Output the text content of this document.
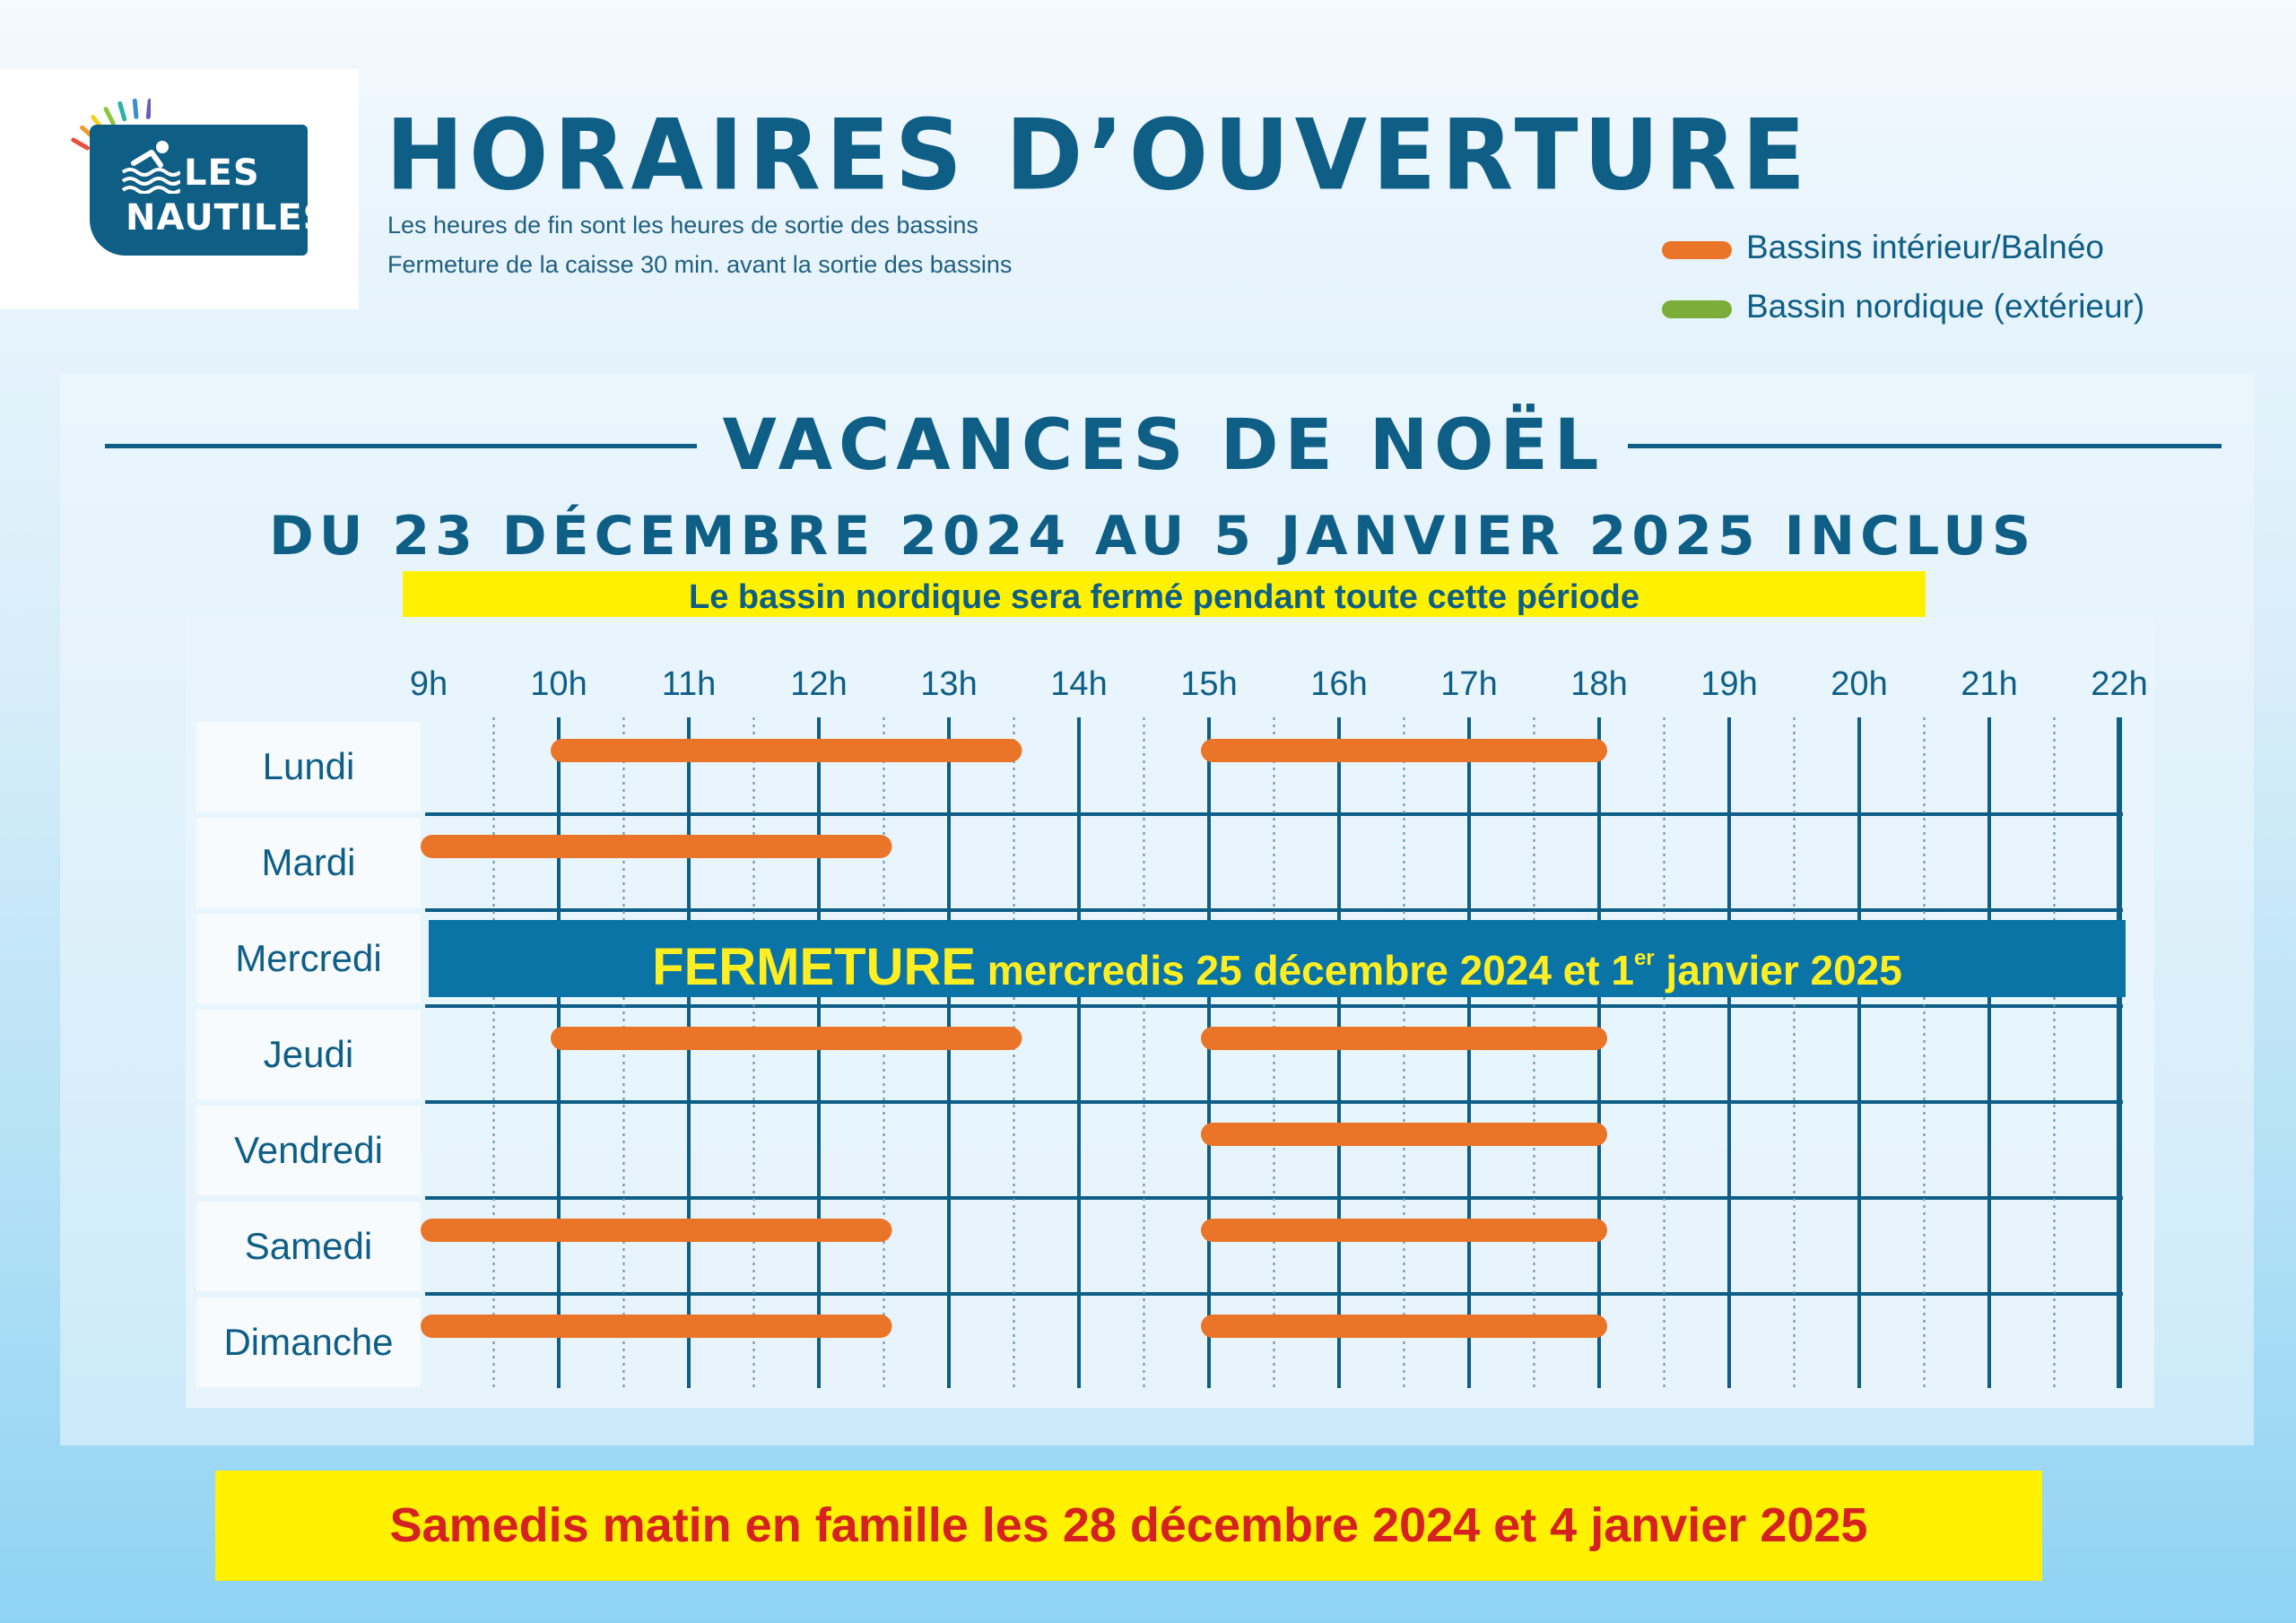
LES
NAUTILES
HORAIRES D’OUVERTURE
Les heures de fin sont les heures de sortie des bassins
Fermeture de la caisse 30 min. avant la sortie des bassins	Bassins intérieur/Balnéo
Bassin nordique (extérieur)
VACANCES DE NOËL
DU 23 DÉCEMBRE 2024 AU 5 JANVIER 2025 INCLUS
Le bassin nordique sera fermé pendant toute cette période
Lundi
Mardi
Mercredi
Jeudi
Vendredi
Samedi
Dimanche
9h 10h 11h 12h 13h 14h 15h 16h 17h 18h 19h 20h 21h 22h
FERMETURE mercredis 25 décembre 2024 et 1er janvier 2025
Samedis matin en famille les 28 décembre 2024 et 4 janvier 2025
